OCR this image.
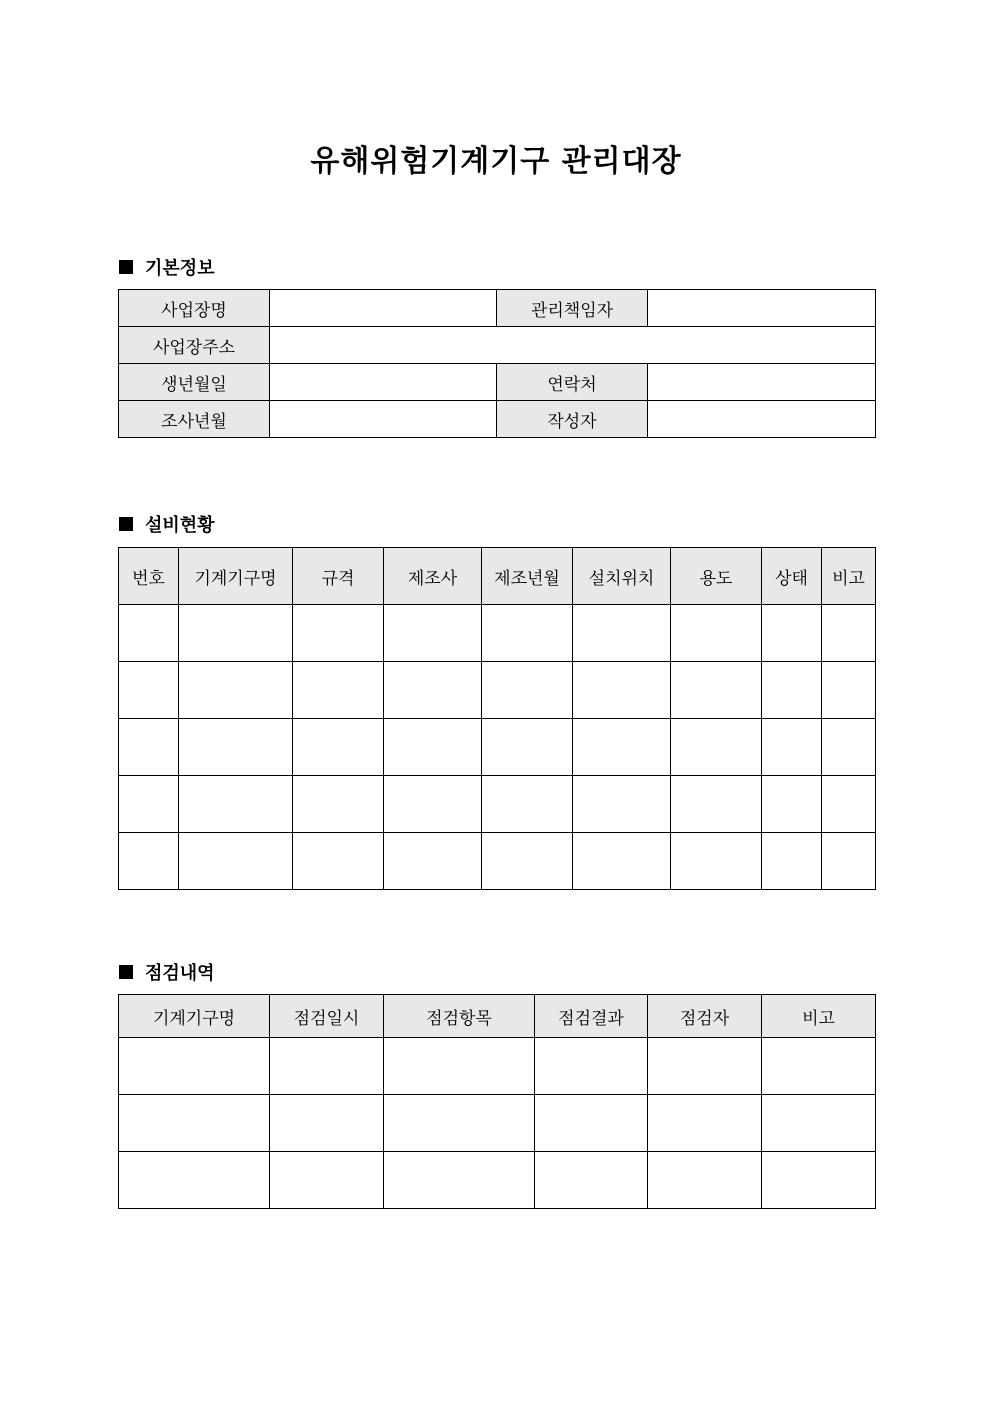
유해위험기계기구 관리대장
기본정보
사업장명		관리책임자	
사업장주소			
생년월일		연락처	
조사년월		작성자	
설비현황
번호	기계기구명	규격	제조사	제조년월	설치위치	용도	상태	비고

점검내역
기계기구명	점검일시	점검항목	점검결과	점검자	비고
